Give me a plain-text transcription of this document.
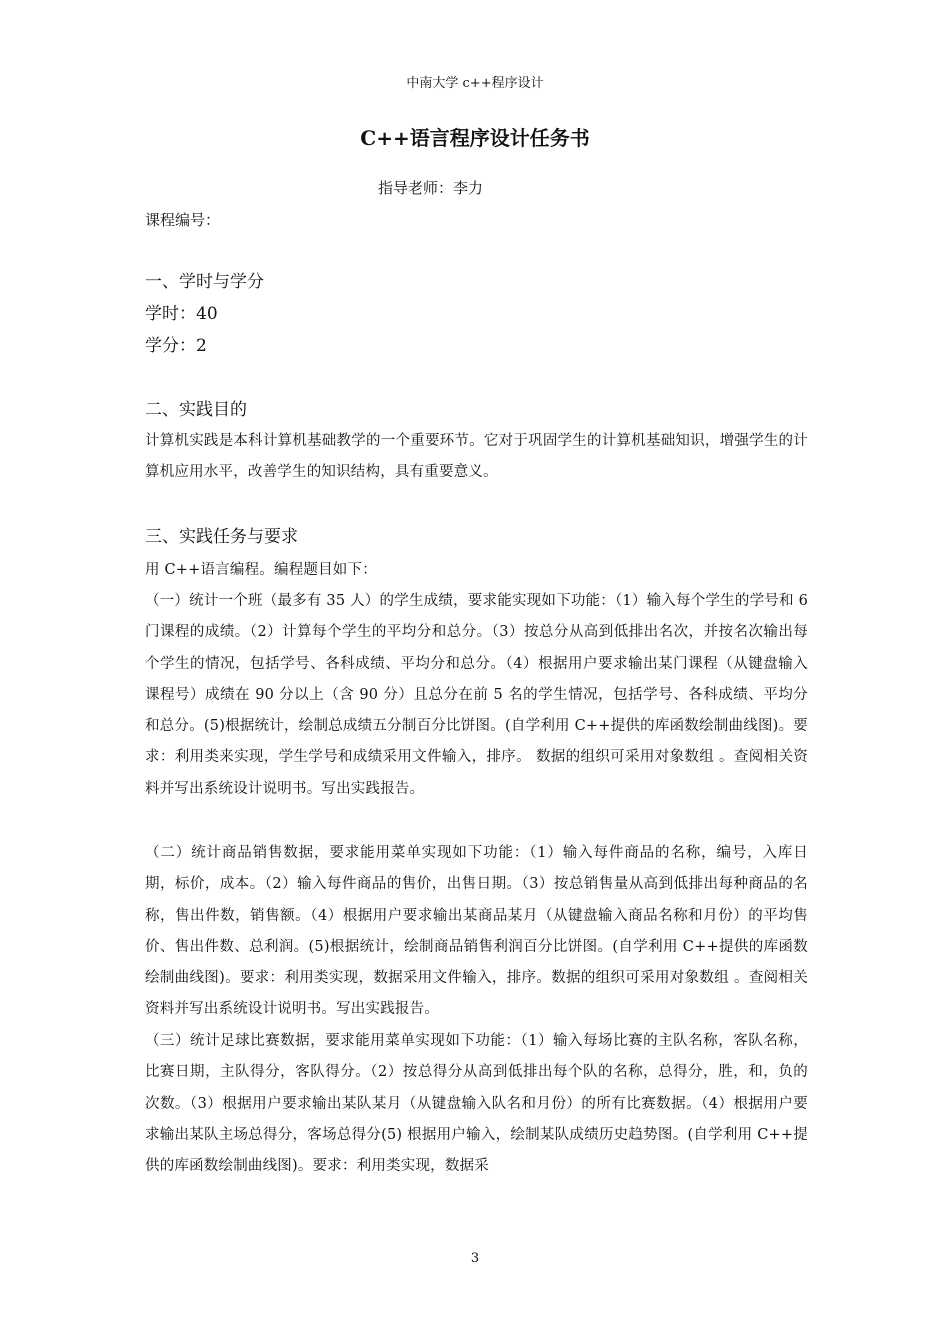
中南大学 c++程序设计
C++语言程序设计任务书
指导老师：李力
课程编号：
一、学时与学分
学时：40
学分：2
二、实践目的
计算机实践是本科计算机基础教学的一个重要环节。它对于巩固学生的计算机基础知识，增强学生的计算机应用水平，改善学生的知识结构，具有重要意义。
三、实践任务与要求
用 C++语言编程。编程题目如下：
（一）统计一个班（最多有 35 人）的学生成绩，要求能实现如下功能：（1）输入每个学生的学号和 6 门课程的成绩。（2）计算每个学生的平均分和总分。（3）按总分从高到低排出名次，并按名次输出每个学生的情况，包括学号、各科成绩、平均分和总分。（4）根据用户要求输出某门课程（从键盘输入课程号）成绩在 90 分以上（含 90 分）且总分在前 5 名的学生情况，包括学号、各科成绩、平均分和总分。(5)根据统计，绘制总成绩五分制百分比饼图。(自学利用 C++提供的库函数绘制曲线图)。要求：利用类来实现，学生学号和成绩采用文件输入，排序。 数据的组织可采用对象数组 。查阅相关资料并写出系统设计说明书。写出实践报告。
（二）统计商品销售数据，要求能用菜单实现如下功能：（1）输入每件商品的名称，编号，入库日期，标价，成本。（2）输入每件商品的售价，出售日期。（3）按总销售量从高到低排出每种商品的名称，售出件数，销售额。（4）根据用户要求输出某商品某月（从键盘输入商品名称和月份）的平均售价、售出件数、总利润。(5)根据统计，绘制商品销售利润百分比饼图。(自学利用 C++提供的库函数绘制曲线图)。要求：利用类实现，数据采用文件输入，排序。数据的组织可采用对象数组 。查阅相关资料并写出系统设计说明书。写出实践报告。
（三）统计足球比赛数据，要求能用菜单实现如下功能：（1）输入每场比赛的主队名称，客队名称，比赛日期，主队得分，客队得分。（2）按总得分从高到低排出每个队的名称，总得分，胜，和，负的次数。（3）根据用户要求输出某队某月（从键盘输入队名和月份）的所有比赛数据。（4）根据用户要求输出某队主场总得分，客场总得分(5) 根据用户输入，绘制某队成绩历史趋势图。(自学利用 C++提供的库函数绘制曲线图)。要求：利用类实现，数据采
3
